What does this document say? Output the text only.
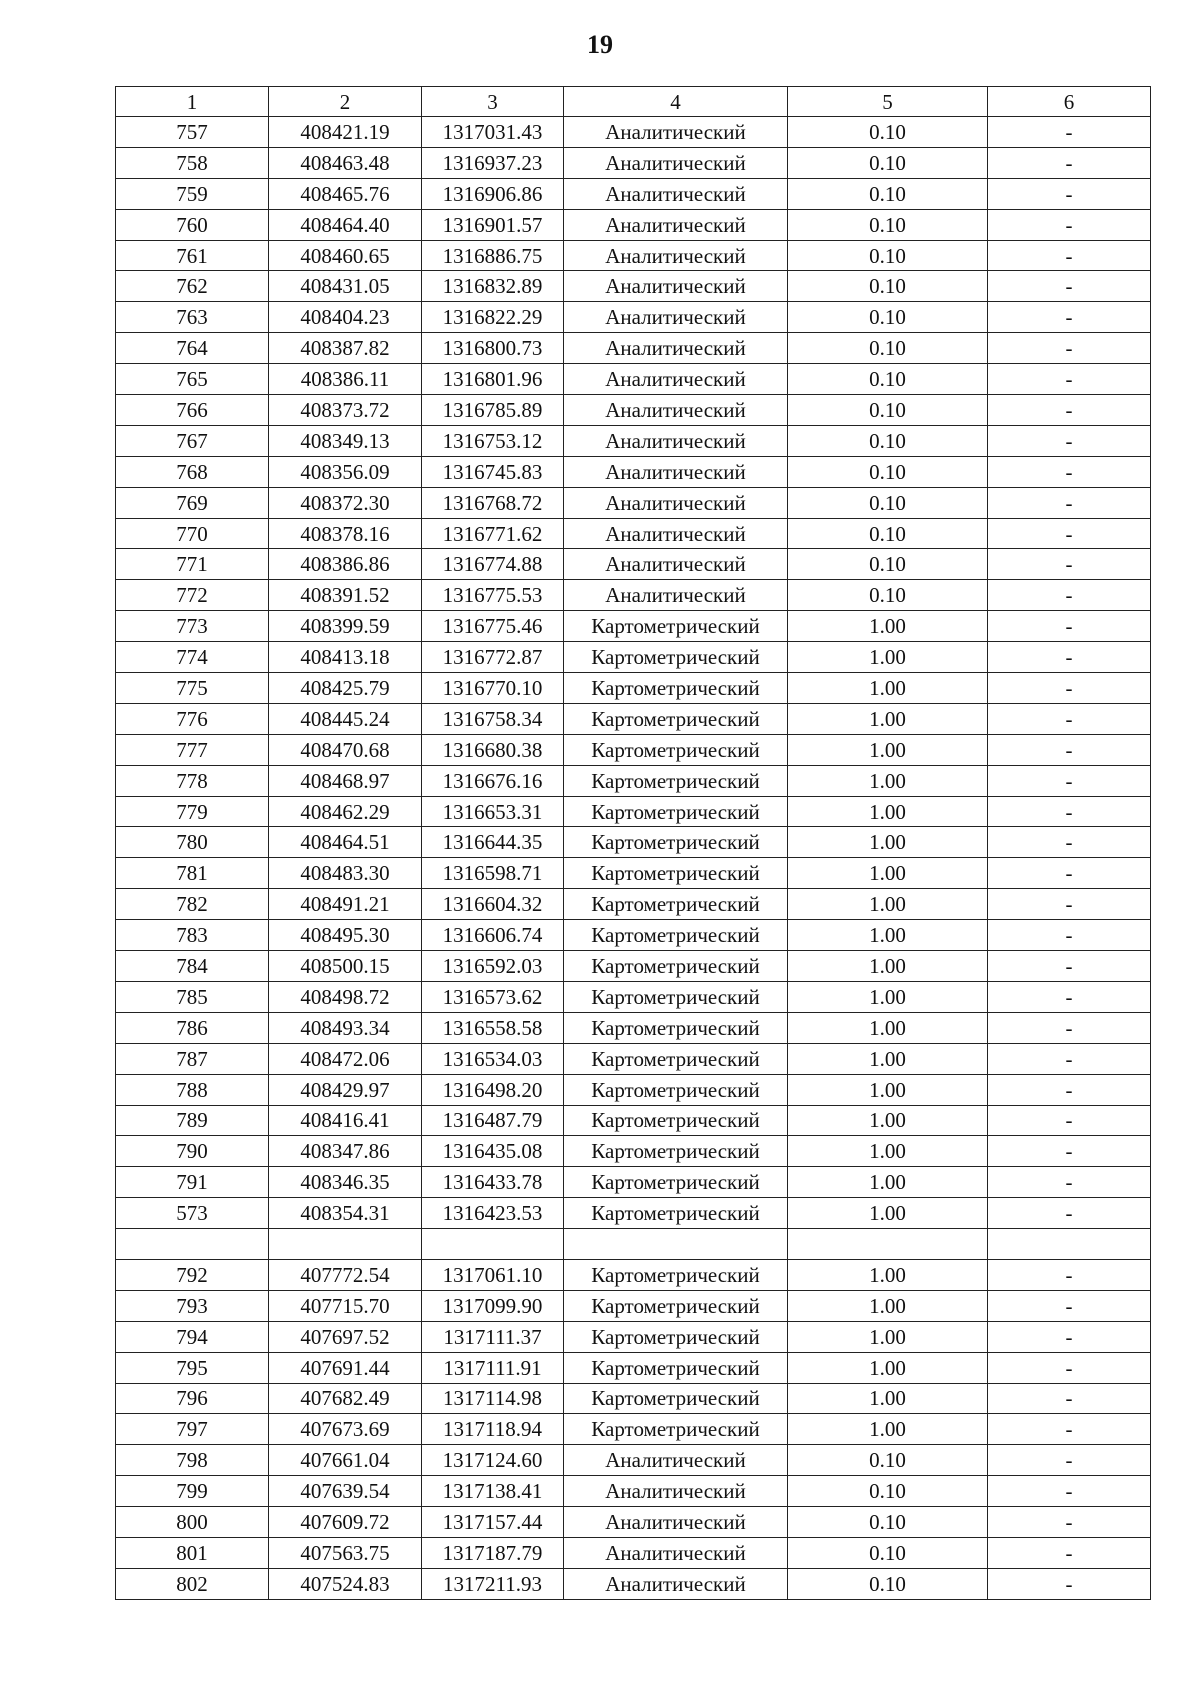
19
1	2	3	4	5	6
757	408421.19	1317031.43	Аналитический	0.10	-
758	408463.48	1316937.23	Аналитический	0.10	-
759	408465.76	1316906.86	Аналитический	0.10	-
760	408464.40	1316901.57	Аналитический	0.10	-
761	408460.65	1316886.75	Аналитический	0.10	-
762	408431.05	1316832.89	Аналитический	0.10	-
763	408404.23	1316822.29	Аналитический	0.10	-
764	408387.82	1316800.73	Аналитический	0.10	-
765	408386.11	1316801.96	Аналитический	0.10	-
766	408373.72	1316785.89	Аналитический	0.10	-
767	408349.13	1316753.12	Аналитический	0.10	-
768	408356.09	1316745.83	Аналитический	0.10	-
769	408372.30	1316768.72	Аналитический	0.10	-
770	408378.16	1316771.62	Аналитический	0.10	-
771	408386.86	1316774.88	Аналитический	0.10	-
772	408391.52	1316775.53	Аналитический	0.10	-
773	408399.59	1316775.46	Картометрический	1.00	-
774	408413.18	1316772.87	Картометрический	1.00	-
775	408425.79	1316770.10	Картометрический	1.00	-
776	408445.24	1316758.34	Картометрический	1.00	-
777	408470.68	1316680.38	Картометрический	1.00	-
778	408468.97	1316676.16	Картометрический	1.00	-
779	408462.29	1316653.31	Картометрический	1.00	-
780	408464.51	1316644.35	Картометрический	1.00	-
781	408483.30	1316598.71	Картометрический	1.00	-
782	408491.21	1316604.32	Картометрический	1.00	-
783	408495.30	1316606.74	Картометрический	1.00	-
784	408500.15	1316592.03	Картометрический	1.00	-
785	408498.72	1316573.62	Картометрический	1.00	-
786	408493.34	1316558.58	Картометрический	1.00	-
787	408472.06	1316534.03	Картометрический	1.00	-
788	408429.97	1316498.20	Картометрический	1.00	-
789	408416.41	1316487.79	Картометрический	1.00	-
790	408347.86	1316435.08	Картометрический	1.00	-
791	408346.35	1316433.78	Картометрический	1.00	-
573	408354.31	1316423.53	Картометрический	1.00	-

792	407772.54	1317061.10	Картометрический	1.00	-
793	407715.70	1317099.90	Картометрический	1.00	-
794	407697.52	1317111.37	Картометрический	1.00	-
795	407691.44	1317111.91	Картометрический	1.00	-
796	407682.49	1317114.98	Картометрический	1.00	-
797	407673.69	1317118.94	Картометрический	1.00	-
798	407661.04	1317124.60	Аналитический	0.10	-
799	407639.54	1317138.41	Аналитический	0.10	-
800	407609.72	1317157.44	Аналитический	0.10	-
801	407563.75	1317187.79	Аналитический	0.10	-
802	407524.83	1317211.93	Аналитический	0.10	-
